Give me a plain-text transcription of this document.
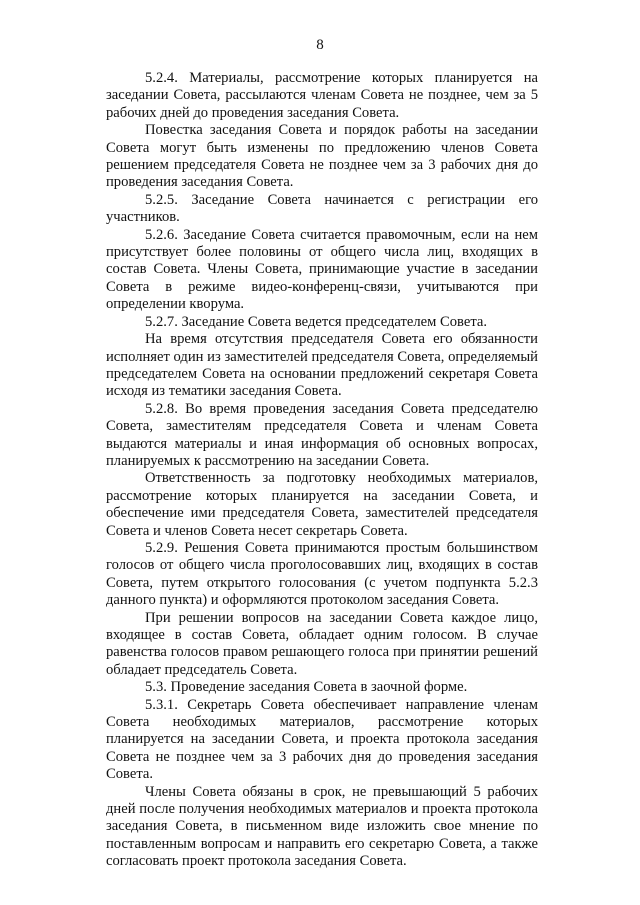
8

5.2.4. Материалы, рассмотрение которых планируется на заседании Совета, рассылаются членам Совета не позднее, чем за 5 рабочих дней до проведения заседания Совета.

Повестка заседания Совета и порядок работы на заседании Совета могут быть изменены по предложению членов Совета решением председателя Совета не позднее чем за 3 рабочих дня до проведения заседания Совета.

5.2.5. Заседание Совета начинается с регистрации его участников.

5.2.6. Заседание Совета считается правомочным, если на нем присутствует более половины от общего числа лиц, входящих в состав Совета. Члены Совета, принимающие участие в заседании Совета в режиме видео-конференц-связи, учитываются при определении кворума.

5.2.7. Заседание Совета ведется председателем Совета.

На время отсутствия председателя Совета его обязанности исполняет один из заместителей председателя Совета, определяемый председателем Совета на основании предложений секретаря Совета исходя из тематики заседания Совета.

5.2.8. Во время проведения заседания Совета председателю Совета, заместителям председателя Совета и членам Совета выдаются материалы и иная информация об основных вопросах, планируемых к рассмотрению на заседании Совета.

Ответственность за подготовку необходимых материалов, рассмотрение которых планируется на заседании Совета, и обеспечение ими председателя Совета, заместителей председателя Совета и членов Совета несет секретарь Совета.

5.2.9. Решения Совета принимаются простым большинством голосов от общего числа проголосовавших лиц, входящих в состав Совета, путем открытого голосования (с учетом подпункта 5.2.3 данного пункта) и оформляются протоколом заседания Совета.

При решении вопросов на заседании Совета каждое лицо, входящее в состав Совета, обладает одним голосом. В случае равенства голосов правом решающего голоса при принятии решений обладает председатель Совета.

5.3. Проведение заседания Совета в заочной форме.

5.3.1. Секретарь Совета обеспечивает направление членам Совета необходимых материалов, рассмотрение которых планируется на заседании Совета, и проекта протокола заседания Совета не позднее чем за 3 рабочих дня до проведения заседания Совета.

Члены Совета обязаны в срок, не превышающий 5 рабочих дней после получения необходимых материалов и проекта протокола заседания Совета, в письменном виде изложить свое мнение по поставленным вопросам и направить его секретарю Совета, а также согласовать проект протокола заседания Совета.
